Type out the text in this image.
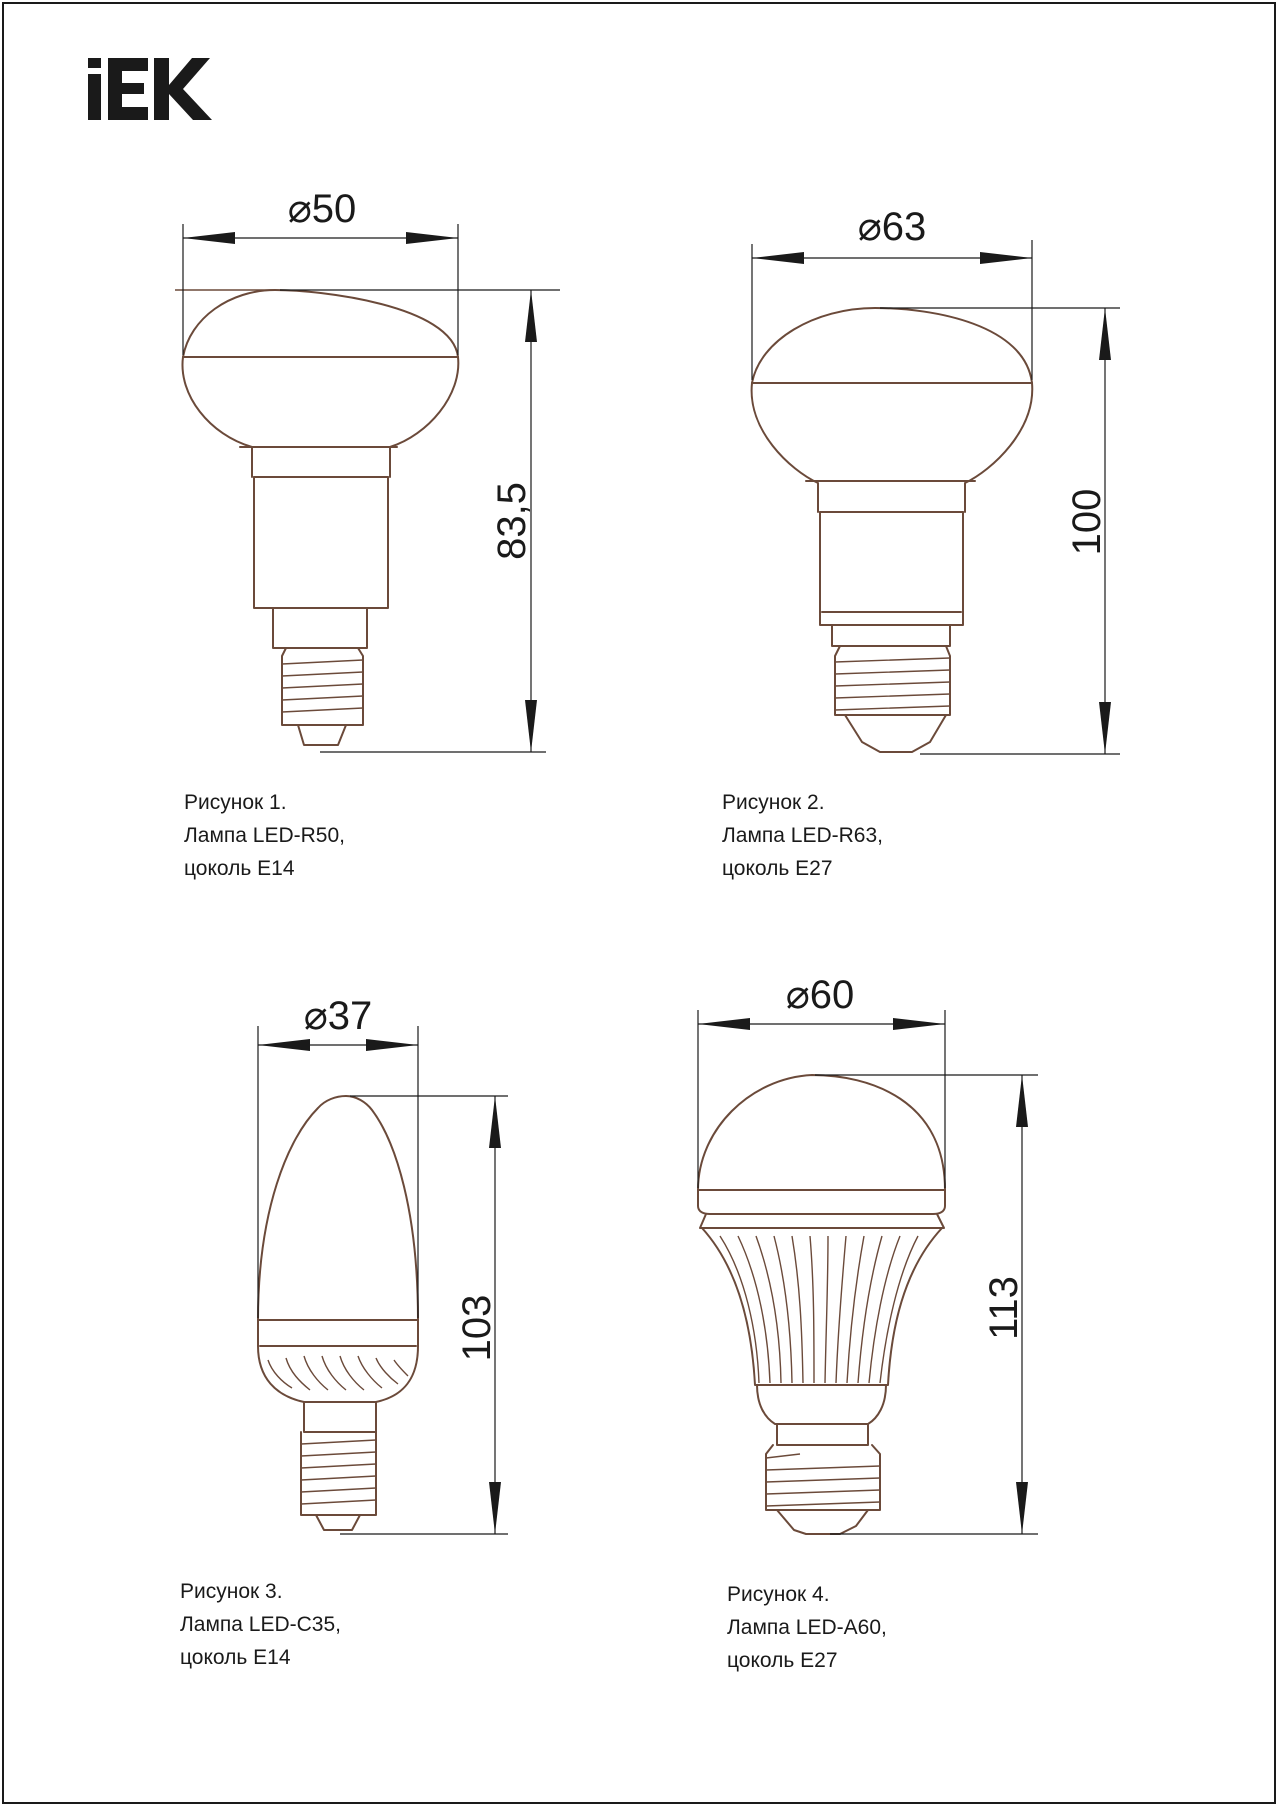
⌀50
83,5
⌀63
100
⌀37
103
⌀60
113
Рисунок 1.
Лампа LED-R50,
цоколь E14
Рисунок 2.
Лампа LED-R63,
цоколь E27
Рисунок 3.
Лампа LED-C35,
цоколь E14
Рисунок 4.
Лампа LED-A60,
цоколь E27
